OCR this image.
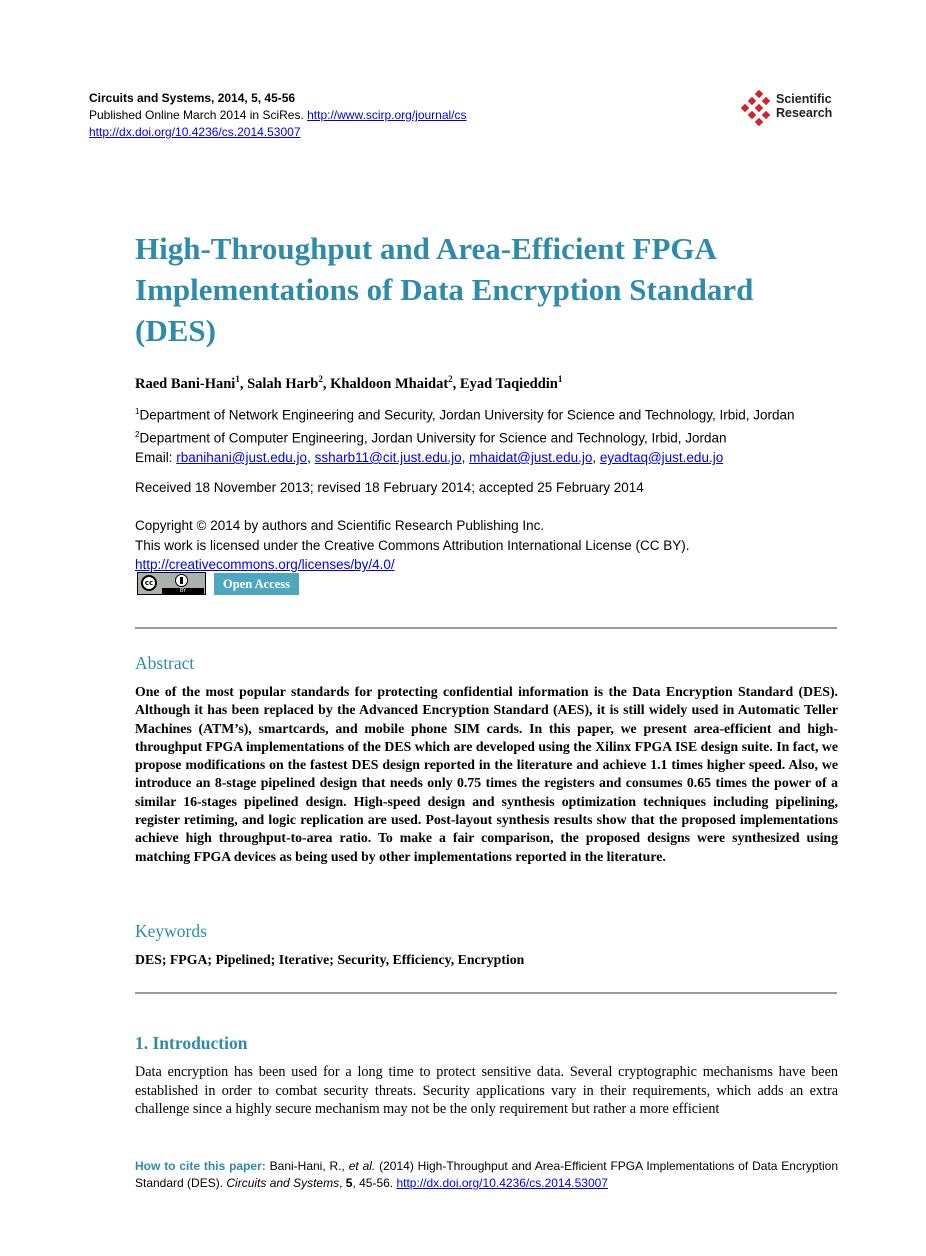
Circuits and Systems, 2014, 5, 45-56
Published Online March 2014 in SciRes. http://www.scirp.org/journal/cs
http://dx.doi.org/10.4236/cs.2014.53007
Scientific
Research
High-Throughput and Area-Efficient FPGA Implementations of Data Encryption Standard (DES)
Raed Bani-Hani$^1$, Salah Harb$^2$, Khaldoon Mhaidat$^2$, Eyad Taqieddin$^1$
$^1$Department of Network Engineering and Security, Jordan University for Science and Technology, Irbid, Jordan
$^2$Department of Computer Engineering, Jordan University for Science and Technology, Irbid, Jordan
Email: rbanihani@just.edu.jo, ssharb11@cit.just.edu.jo, mhaidat@just.edu.jo, eyadtaq@just.edu.jo
Received 18 November 2013; revised 18 February 2014; accepted 25 February 2014
Copyright © 2014 by authors and Scientific Research Publishing Inc.
This work is licensed under the Creative Commons Attribution International License (CC BY).
http://creativecommons.org/licenses/by/4.0/
cc
BY	Open Access
Abstract

One of the most popular standards for protecting confidential information is the Data Encryption Standard (DES). Although it has been replaced by the Advanced Encryption Standard (AES), it is still widely used in Automatic Teller Machines (ATM’s), smartcards, and mobile phone SIM cards. In this paper, we present area-efficient and high-throughput FPGA implementations of the DES which are developed using the Xilinx FPGA ISE design suite. In fact, we propose modifications on the fastest DES design reported in the literature and achieve 1.1 times higher speed. Also, we introduce an 8-stage pipelined design that needs only 0.75 times the registers and consumes 0.65 times the power of a similar 16-stages pipelined design. High-speed design and synthesis optimization techniques including pipelining, register retiming, and logic replication are used. Post-layout synthesis results show that the proposed implementations achieve high throughput-to-area ratio. To make a fair comparison, the proposed designs were synthesized using matching FPGA devices as being used by other implementations reported in the literature.

Keywords
DES; FPGA; Pipelined; Iterative; Security, Efficiency, Encryption
1. Introduction

Data encryption has been used for a long time to protect sensitive data. Several cryptographic mechanisms have been established in order to combat security threats. Security applications vary in their requirements, which adds an extra challenge since a highly secure mechanism may not be the only requirement but rather a more efficient

How to cite this paper: Bani-Hani, R., et al. (2014) High-Throughput and Area-Efficient FPGA Implementations of Data Encryption Standard (DES). Circuits and Systems, 5, 45-56. http://dx.doi.org/10.4236/cs.2014.53007
